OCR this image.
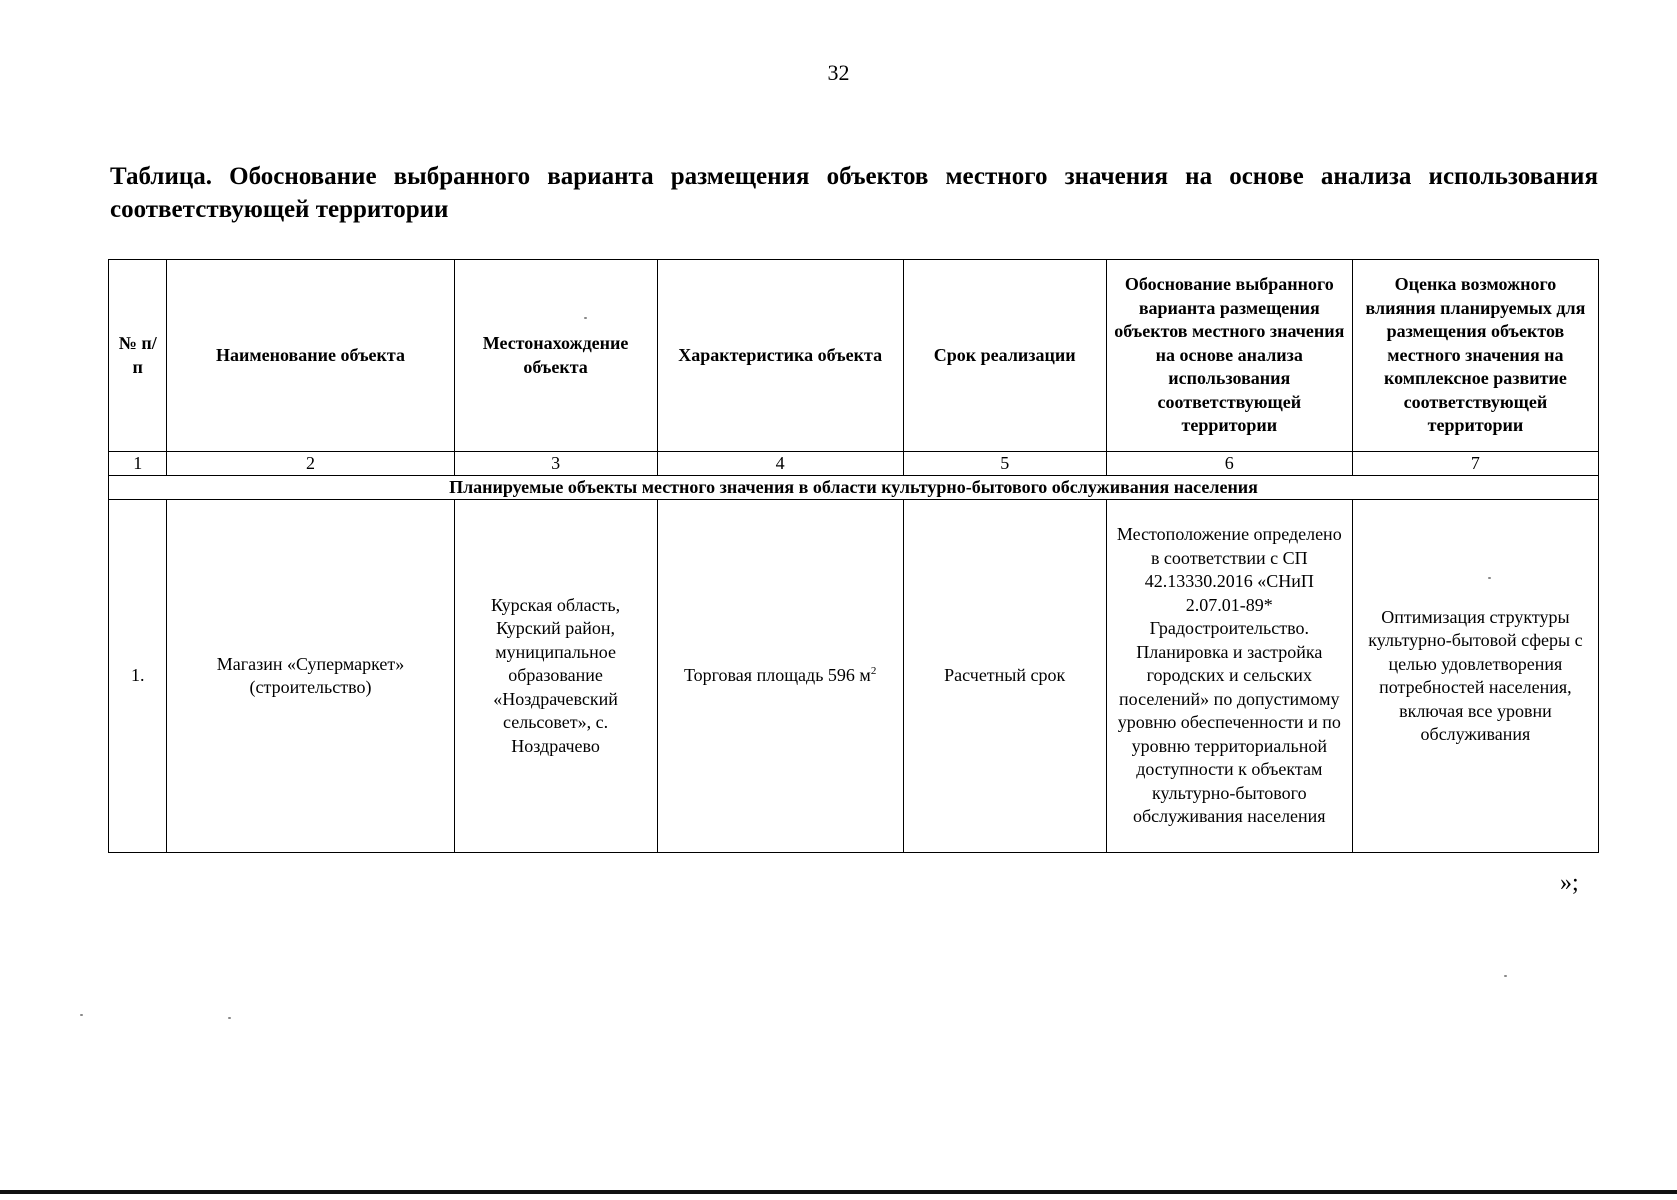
32
Таблица. Обоснование выбранного варианта размещения объектов местного значения на основе анализа использования соответствующей территории
№ п/п	Наименование объекта	Местонахождение объекта	Характеристика объекта	Срок реализации	Обоснование выбранного варианта размещения объектов местного значения на основе анализа использования соответствующей территории	Оценка возможного влияния планируемых для размещения объектов местного значения на комплексное развитие соответствующей территории
1	2	3	4	5	6	7
Планируемые объекты местного значения в области культурно-бытового обслуживания населения						
1.	Магазин «Супермаркет» (строительство)	Курская область, Курский район, муниципальное образование «Ноздрачевский сельсовет», с. Ноздрачево	Торговая площадь 596 $м^2$	Расчетный срок	Местоположение определено в соответствии с СП 42.13330.2016 «СНиП 2.07.01-89* Градостроительство. Планировка и застройка городских и сельских поселений» по допустимому уровню обеспеченности и по уровню территориальной доступности к объектам культурно-бытового обслуживания населения	Оптимизация структуры культурно-бытовой сферы с целью удовлетворения потребностей населения, включая все уровни обслуживания
»;
